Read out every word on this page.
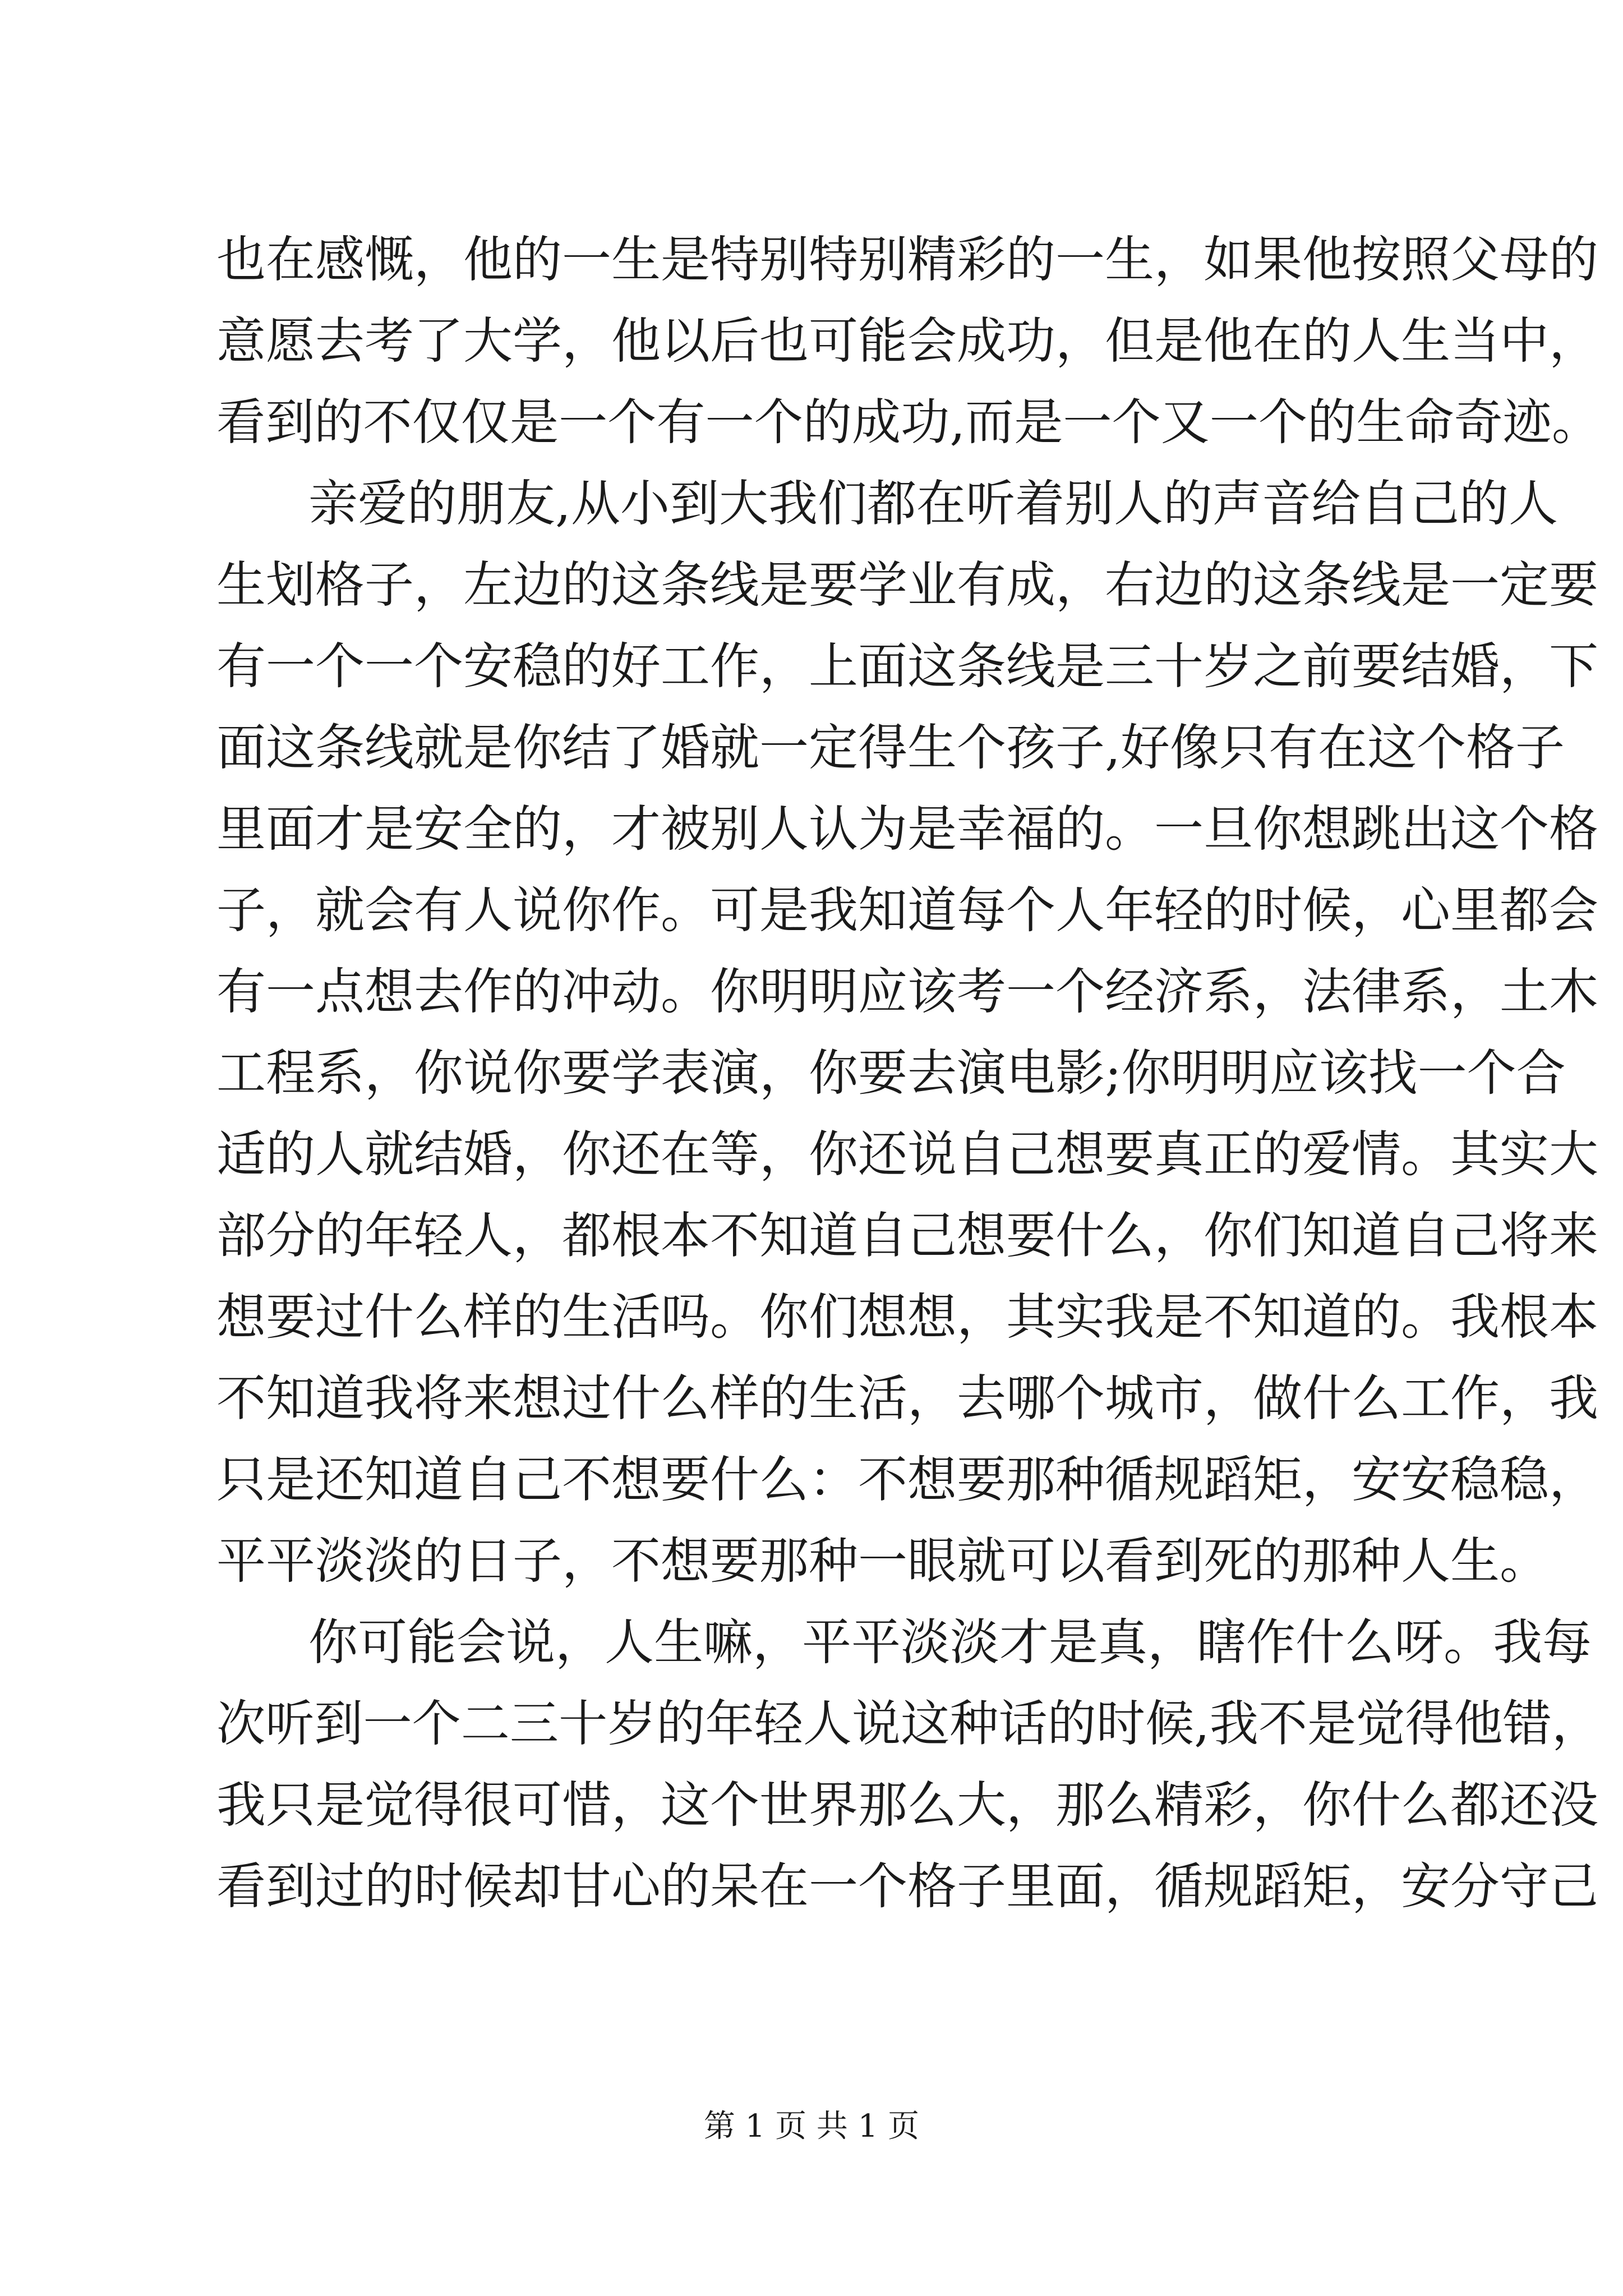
也在感慨，他的一生是特别特别精彩的一生，如果他按照父母的
意愿去考了大学，他以后也可能会成功，但是他在的人生当中，
看到的不仅仅是一个有一个的成功,而是一个又一个的生命奇迹。
亲爱的朋友,从小到大我们都在听着别人的声音给自己的人
生划格子，左边的这条线是要学业有成，右边的这条线是一定要
有一个一个安稳的好工作，上面这条线是三十岁之前要结婚，下
面这条线就是你结了婚就一定得生个孩子,好像只有在这个格子
里面才是安全的，才被别人认为是幸福的。一旦你想跳出这个格
子，就会有人说你作。可是我知道每个人年轻的时候，心里都会
有一点想去作的冲动。你明明应该考一个经济系，法律系，土木
工程系，你说你要学表演，你要去演电影;你明明应该找一个合
适的人就结婚，你还在等，你还说自己想要真正的爱情。其实大
部分的年轻人，都根本不知道自己想要什么，你们知道自己将来
想要过什么样的生活吗。你们想想，其实我是不知道的。我根本
不知道我将来想过什么样的生活，去哪个城市，做什么工作，我
只是还知道自己不想要什么：不想要那种循规蹈矩，安安稳稳，
平平淡淡的日子，不想要那种一眼就可以看到死的那种人生。
你可能会说，人生嘛，平平淡淡才是真，瞎作什么呀。我每
次听到一个二三十岁的年轻人说这种话的时候,我不是觉得他错，
我只是觉得很可惜，这个世界那么大，那么精彩，你什么都还没
看到过的时候却甘心的呆在一个格子里面，循规蹈矩，安分守己
第 1 页 共 1 页
